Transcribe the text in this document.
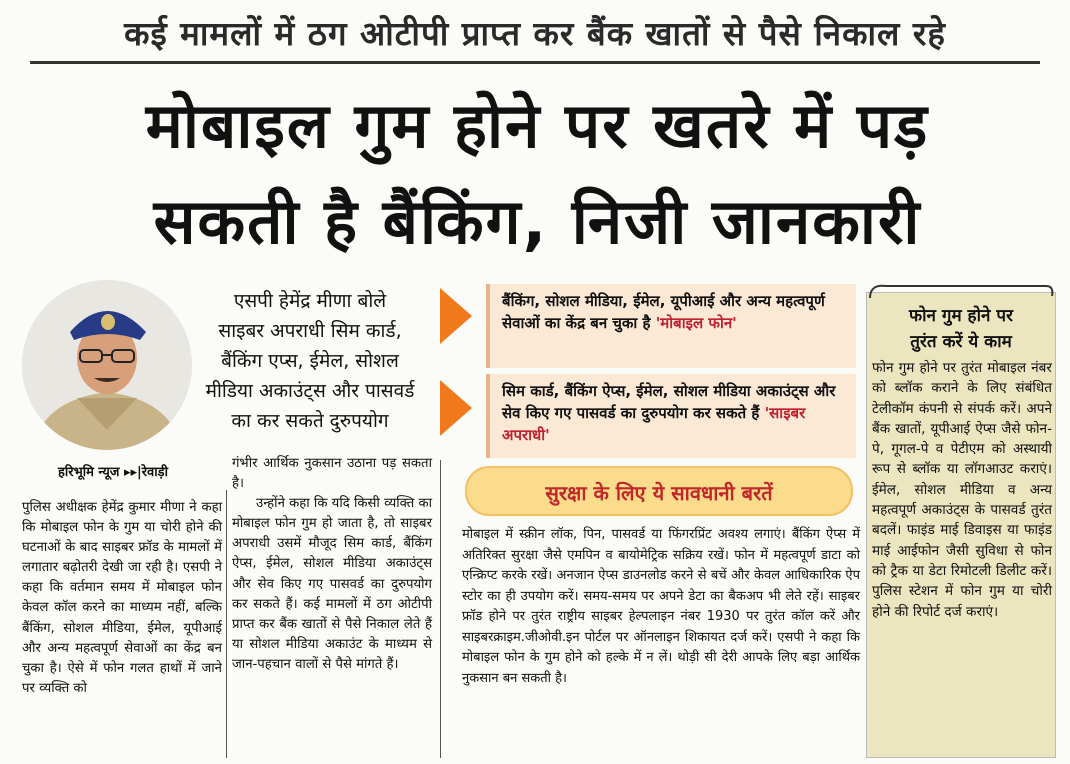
कई मामलों में ठग ओटीपी प्राप्त कर बैंक खातों से पैसे निकाल रहे
मोबाइल गुम होने पर खतरे में पड़
सकती है बैंकिंग, निजी जानकारी
एसपी हेमेंद्र मीणा बोले
साइबर अपराधी सिम कार्ड,
बैंकिंग एप्स, ईमेल, सोशल
मीडिया अकाउंट्स और पासवर्ड
का कर सकते दुरुपयोग
हरिभूमि न्यूज ▸▸|रेवाड़ी

पुलिस अधीक्षक हेमेंद्र कुमार मीणा ने कहा कि मोबाइल फोन के गुम या चोरी होने की घटनाओं के बाद साइबर फ्रॉड के मामलों में लगातार बढ़ोतरी देखी जा रही है। एसपी ने कहा कि वर्तमान समय में मोबाइल फोन केवल कॉल करने का माध्यम नहीं, बल्कि बैंकिंग, सोशल मीडिया, ईमेल, यूपीआई और अन्य महत्वपूर्ण सेवाओं का केंद्र बन चुका है। ऐसे में फोन गलत हाथों में जाने पर व्यक्ति को

गंभीर आर्थिक नुकसान उठाना पड़ सकता है।

उन्होंने कहा कि यदि किसी व्यक्ति का मोबाइल फोन गुम हो जाता है, तो साइबर अपराधी उसमें मौजूद सिम कार्ड, बैंकिंग ऐप्स, ईमेल, सोशल मीडिया अकाउंट्स और सेव किए गए पासवर्ड का दुरुपयोग कर सकते हैं। कई मामलों में ठग ओटीपी प्राप्त कर बैंक खातों से पैसे निकाल लेते हैं या सोशल मीडिया अकाउंट के माध्यम से जान-पहचान वालों से पैसे मांगते हैं।

बैंकिंग, सोशल मीडिया, ईमेल, यूपीआई और अन्य महत्वपूर्ण सेवाओं का केंद्र बन चुका है 'मोबाइल फोन'
सिम कार्ड, बैंकिंग ऐप्स, ईमेल, सोशल मीडिया अकाउंट्स और सेव किए गए पासवर्ड का दुरुपयोग कर सकते हैं 'साइबर अपराधी'
सुरक्षा के लिए ये सावधानी बरतें
मोबाइल में स्क्रीन लॉक, पिन, पासवर्ड या फिंगरप्रिंट अवश्य लगाएं। बैंकिंग ऐप्स में अतिरिक्त सुरक्षा जैसे एमपिन व बायोमेट्रिक सक्रिय रखें। फोन में महत्वपूर्ण डाटा को एन्क्रिप्ट करके रखें। अनजान ऐप्स डाउनलोड करने से बचें और केवल आधिकारिक ऐप स्टोर का ही उपयोग करें। समय-समय पर अपने डेटा का बैकअप भी लेते रहें। साइबर फ्रॉड होने पर तुरंत राष्ट्रीय साइबर हेल्पलाइन नंबर 1930 पर तुरंत कॉल करें और साइबरक्राइम.जीओवी.इन पोर्टल पर ऑनलाइन शिकायत दर्ज करें। एसपी ने कहा कि मोबाइल फोन के गुम होने को हल्के में न लें। थोड़ी सी देरी आपके लिए बड़ा आर्थिक नुकसान बन सकती है।
फोन गुम होने पर
तुरंत करें ये काम
फोन गुम होने पर तुरंत मोबाइल नंबर को ब्लॉक कराने के लिए संबंधित टेलीकॉम कंपनी से संपर्क करें। अपने बैंक खातों, यूपीआई ऐप्स जैसे फोन-पे, गूगल-पे व पेटीएम को अस्थायी रूप से ब्लॉक या लॉगआउट कराएं। ईमेल, सोशल मीडिया व अन्य महत्वपूर्ण अकाउंट्स के पासवर्ड तुरंत बदलें। फाइंड माई डिवाइस या फाइंड माई आईफोन जैसी सुविधा से फोन को ट्रैक या डेटा रिमोटली डिलीट करें। पुलिस स्टेशन में फोन गुम या चोरी होने की रिपोर्ट दर्ज कराएं।
